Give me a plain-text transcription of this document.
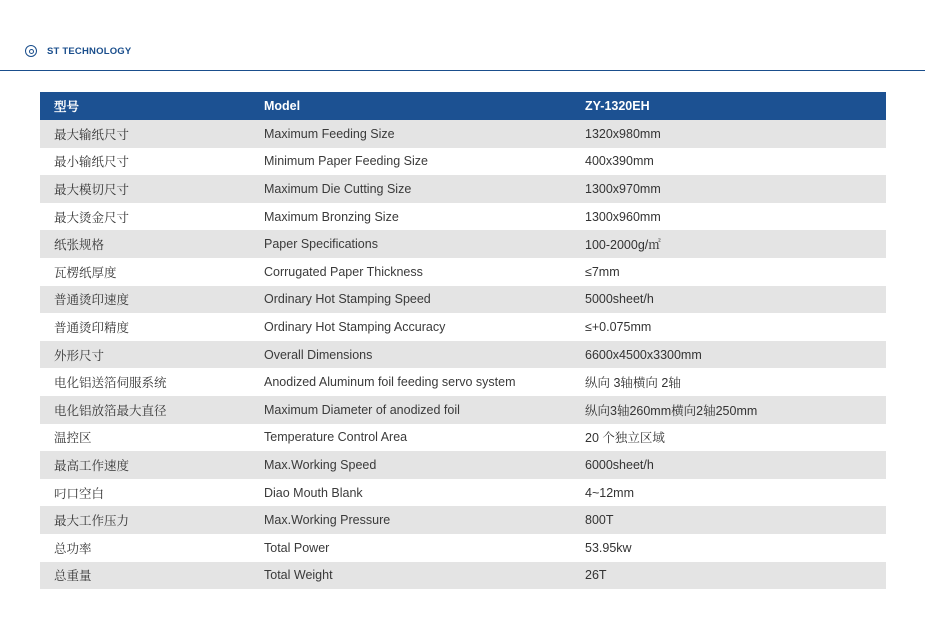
ST TECHNOLOGY
型号	Model	ZY-1320EH
最大输纸尺寸	Maximum Feeding Size	1320x980mm
最小输纸尺寸	Minimum Paper Feeding Size	400x390mm
最大模切尺寸	Maximum Die Cutting Size	1300x970mm
最大烫金尺寸	Maximum Bronzing Size	1300x960mm
纸张规格	Paper Specifications	100-2000g/㎡
瓦楞纸厚度	Corrugated Paper Thickness	≤7mm
普通烫印速度	Ordinary Hot Stamping Speed	5000sheet/h
普通烫印精度	Ordinary Hot Stamping Accuracy	≤+0.075mm
外形尺寸	Overall Dimensions	6600x4500x3300mm
电化铝送箔伺服系统	Anodized Aluminum foil feeding servo system	纵向 3轴横向 2轴
电化铝放箔最大直径	Maximum Diameter of anodized foil	纵向3轴260mm横向2轴250mm
温控区	Temperature Control Area	20 个独立区域
最高工作速度	Max.Working Speed	6000sheet/h
叼口空白	Diao Mouth Blank	4~12mm
最大工作压力	Max.Working Pressure	800T
总功率	Total Power	53.95kw
总重量	Total Weight	26T
